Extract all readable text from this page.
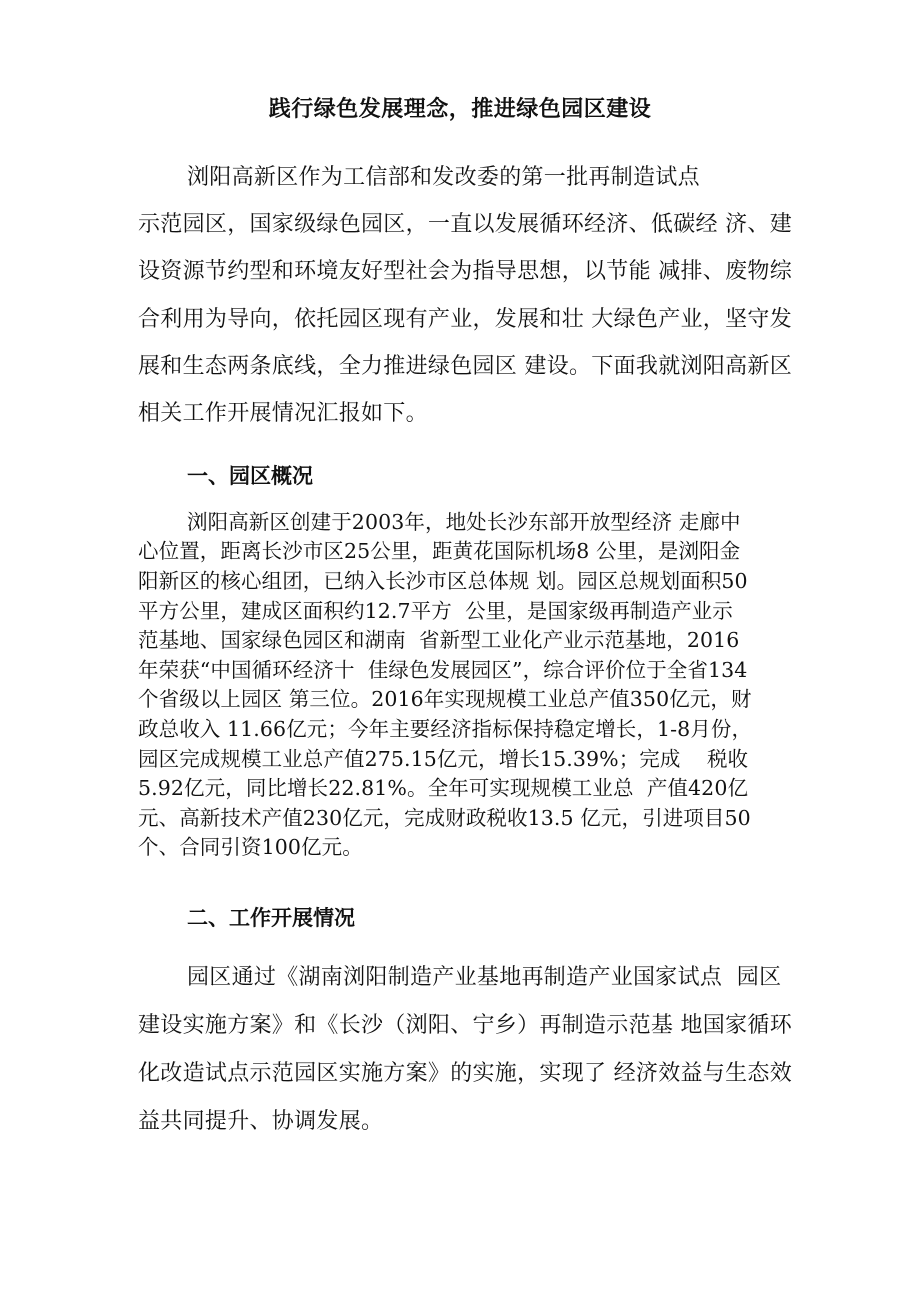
践行绿色发展理念，推进绿色园区建设
浏阳高新区作为工信部和发改委的第一批再制造试点
示范园区，国家级绿色园区，一直以发展循环经济、低碳经 济、建
设资源节约型和环境友好型社会为指导思想，以节能 减排、废物综
合利用为导向，依托园区现有产业，发展和壮 大绿色产业，坚守发
展和生态两条底线，全力推进绿色园区 建设。下面我就浏阳高新区
相关工作开展情况汇报如下。
一、园区概况
浏阳高新区创建于2003年，地处长沙东部开放型经济 走廊中
心位置，距离长沙市区25公里，距黄花国际机场8 公里，是浏阳金
阳新区的核心组团，已纳入长沙市区总体规 划。园区总规划面积50
平方公里，建成区面积约12.7平方  公里，是国家级再制造产业示
范基地、国家绿色园区和湖南  省新型工业化产业示范基地，2016
年荣获“中国循环经济十  佳绿色发展园区”，综合评价位于全省134
个省级以上园区 第三位。2016年实现规模工业总产值350亿元，财
政总收入 11.66亿元；今年主要经济指标保持稳定增长，1-8月份，
园区完成规模工业总产值275.15亿元，增长15.39%；完成    税收
5.92亿元，同比增长22.81%。全年可实现规模工业总  产值420亿
元、高新技术产值230亿元，完成财政税收13.5 亿元，引进项目50
个、合同引资100亿元。
二、工作开展情况
园区通过《湖南浏阳制造产业基地再制造产业国家试点  园区
建设实施方案》和《长沙（浏阳、宁乡）再制造示范基 地国家循环
化改造试点示范园区实施方案》的实施，实现了 经济效益与生态效
益共同提升、协调发展。
